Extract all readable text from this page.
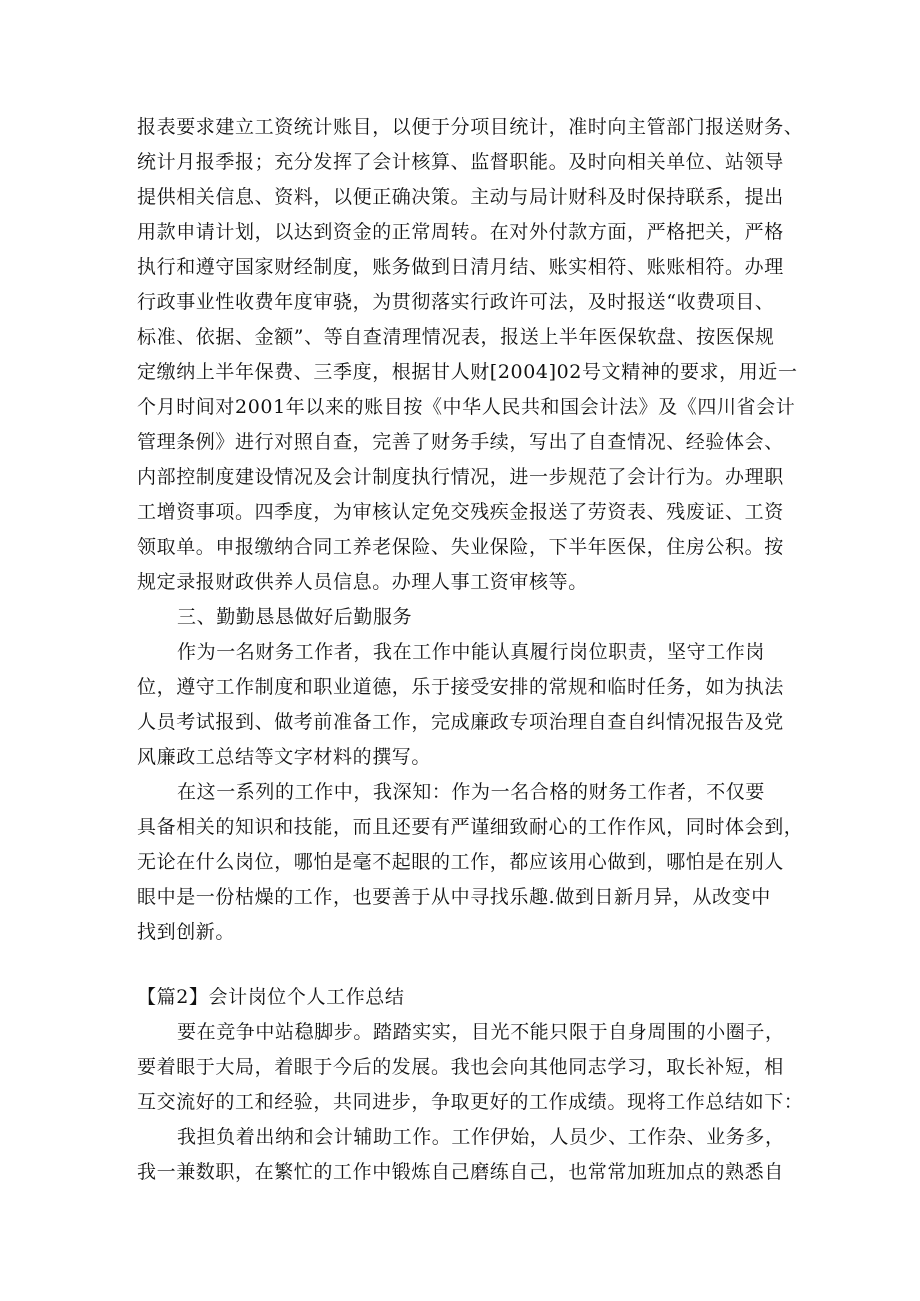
报表要求建立工资统计账目，以便于分项目统计，准时向主管部门报送财务、
统计月报季报；充分发挥了会计核算、监督职能。及时向相关单位、站领导
提供相关信息、资料，以便正确决策。主动与局计财科及时保持联系，提出
用款申请计划，以达到资金的正常周转。在对外付款方面，严格把关，严格
执行和遵守国家财经制度，账务做到日清月结、账实相符、账账相符。办理
行政事业性收费年度审骁，为贯彻落实行政许可法，及时报送“收费项目、
标准、依据、金额”、等自查清理情况表，报送上半年医保软盘、按医保规
定缴纳上半年保费、三季度，根据甘人财[2004]02号文精神的要求，用近一
个月时间对2001年以来的账目按《中华人民共和国会计法》及《四川省会计
管理条例》进行对照自查，完善了财务手续，写出了自查情况、经验体会、
内部控制度建设情况及会计制度执行情况，进一步规范了会计行为。办理职
工增资事项。四季度，为审核认定免交残疾金报送了劳资表、残废证、工资
领取单。申报缴纳合同工养老保险、失业保险，下半年医保，住房公积。按
规定录报财政供养人员信息。办理人事工资审核等。
三、勤勤恳恳做好后勤服务
作为一名财务工作者，我在工作中能认真履行岗位职责，坚守工作岗
位，遵守工作制度和职业道德，乐于接受安排的常规和临时任务，如为执法
人员考试报到、做考前准备工作，完成廉政专项治理自查自纠情况报告及党
风廉政工总结等文字材料的撰写。
在这一系列的工作中，我深知：作为一名合格的财务工作者，不仅要
具备相关的知识和技能，而且还要有严谨细致耐心的工作作风，同时体会到，
无论在什么岗位，哪怕是毫不起眼的工作，都应该用心做到，哪怕是在别人
眼中是一份枯燥的工作，也要善于从中寻找乐趣.做到日新月异，从改变中
找到创新。
【篇2】会计岗位个人工作总结
要在竞争中站稳脚步。踏踏实实，目光不能只限于自身周围的小圈子，
要着眼于大局，着眼于今后的发展。我也会向其他同志学习，取长补短，相
互交流好的工和经验，共同进步，争取更好的工作成绩。现将工作总结如下：
我担负着出纳和会计辅助工作。工作伊始，人员少、工作杂、业务多，
我一兼数职，在繁忙的工作中锻炼自己磨练自己，也常常加班加点的熟悉自
